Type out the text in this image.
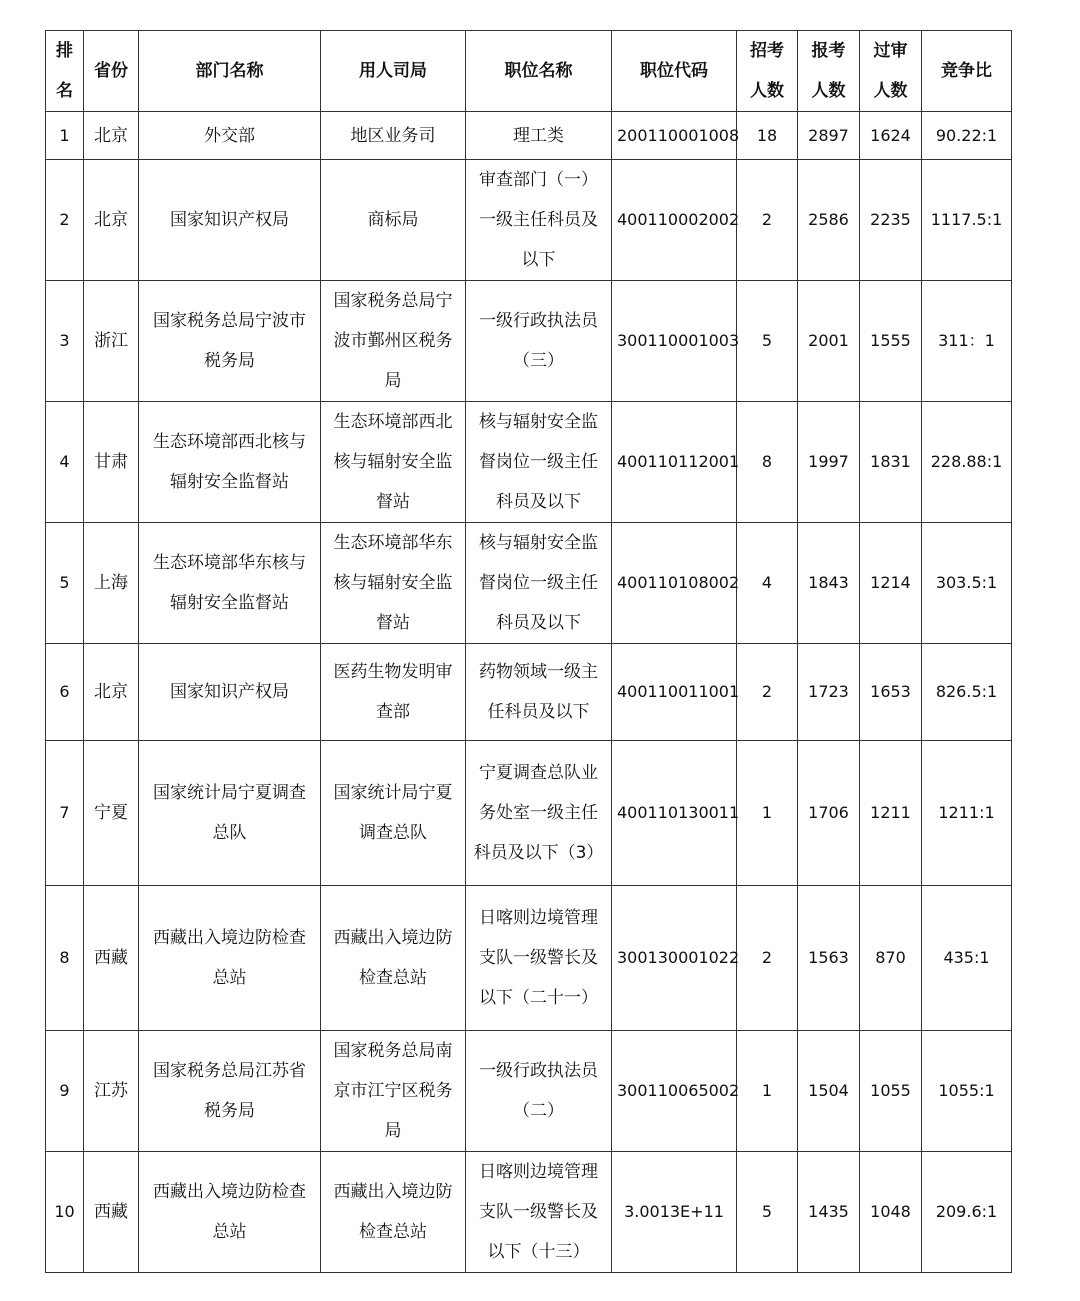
排名	省份	部门名称	用人司局	职位名称	职位代码	招考人数	报考人数	过审人数	竞争比
1	北京	外交部	地区业务司	理工类	200110001008	18	2897	1624	90.22:1
2	北京	国家知识产权局	商标局	审查部门（一）一级主任科员及以下	400110002002	2	2586	2235	1117.5:1
3	浙江	国家税务总局宁波市税务局	国家税务总局宁波市鄞州区税务局	一级行政执法员（三）	300110001003	5	2001	1555	311：1
4	甘肃	生态环境部西北核与辐射安全监督站	生态环境部西北核与辐射安全监督站	核与辐射安全监督岗位一级主任科员及以下	400110112001	8	1997	1831	228.88:1
5	上海	生态环境部华东核与辐射安全监督站	生态环境部华东核与辐射安全监督站	核与辐射安全监督岗位一级主任科员及以下	400110108002	4	1843	1214	303.5:1
6	北京	国家知识产权局	医药生物发明审查部	药物领域一级主任科员及以下	400110011001	2	1723	1653	826.5:1
7	宁夏	国家统计局宁夏调查总队	国家统计局宁夏调查总队	宁夏调查总队业务处室一级主任科员及以下（3）	400110130011	1	1706	1211	1211:1
8	西藏	西藏出入境边防检查总站	西藏出入境边防检查总站	日喀则边境管理支队一级警长及以下（二十一）	300130001022	2	1563	870	435:1
9	江苏	国家税务总局江苏省税务局	国家税务总局南京市江宁区税务局	一级行政执法员（二）	300110065002	1	1504	1055	1055:1
10	西藏	西藏出入境边防检查总站	西藏出入境边防检查总站	日喀则边境管理支队一级警长及以下（十三）	3.0013E+11	5	1435	1048	209.6:1
